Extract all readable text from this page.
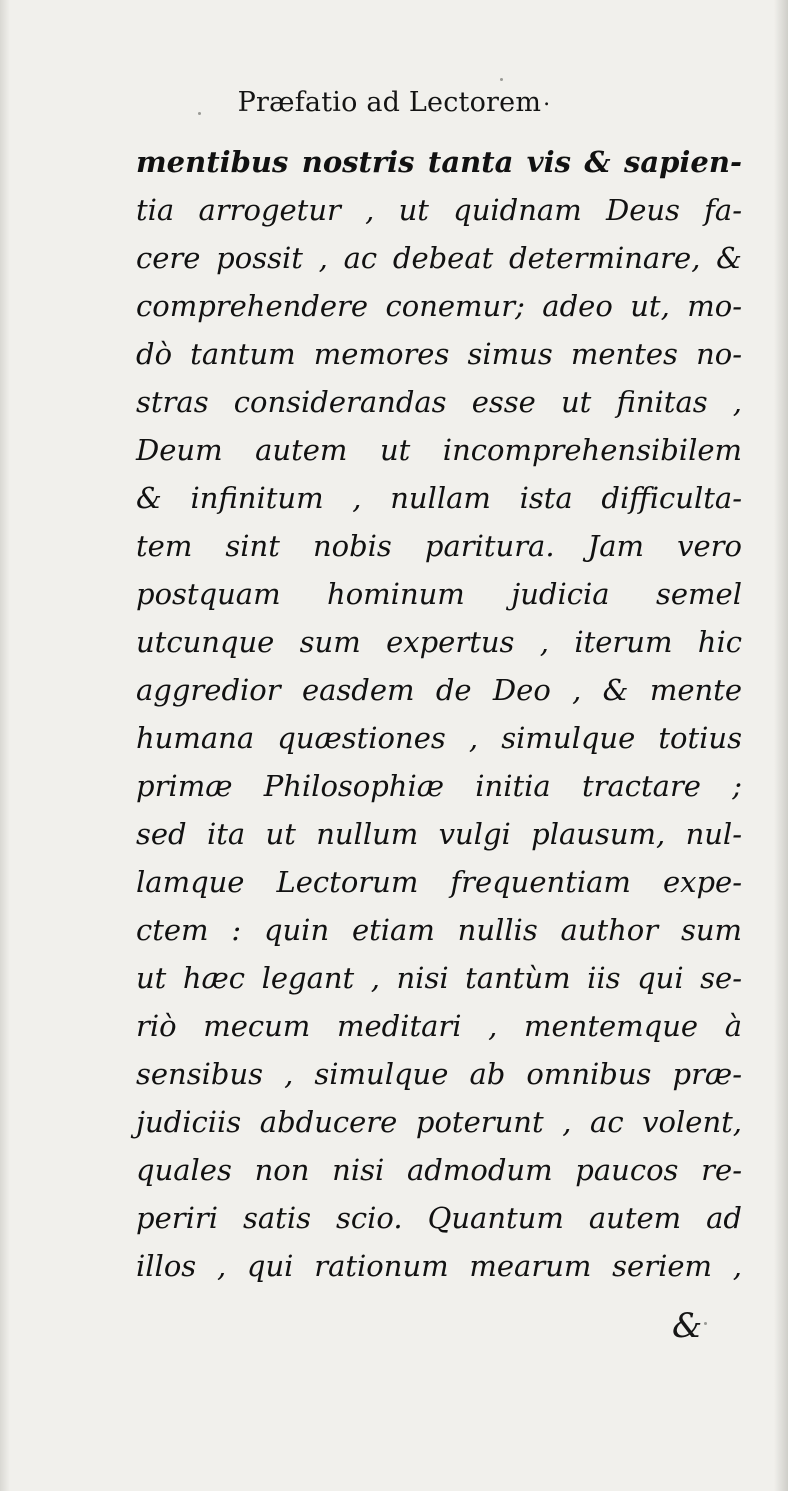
Præfatio ad Lectorem.
mentibus nostris tanta vis & sapien-
tia arrogetur , ut quidnam Deus fa-
cere possit , ac debeat determinare, &
comprehendere conemur; adeo ut, mo-
dò tantum memores simus mentes no-
stras considerandas esse ut finitas ,
Deum autem ut incomprehensibilem
& infinitum , nullam ista difficulta-
tem sint nobis paritura. Jam vero
postquam hominum judicia semel
utcunque sum expertus , iterum hic
aggredior easdem de Deo , & mente
humana quæstiones , simulque totius
primæ Philosophiæ initia tractare ;
sed ita ut nullum vulgi plausum, nul-
lamque Lectorum frequentiam expe-
ctem : quin etiam nullis author sum
ut hæc legant , nisi tantùm iis qui se-
riò mecum meditari , mentemque à
sensibus , simulque ab omnibus præ-
judiciis abducere poterunt , ac volent,
quales non nisi admodum paucos re-
periri satis scio. Quantum autem ad
illos , qui rationum mearum seriem ,
&
